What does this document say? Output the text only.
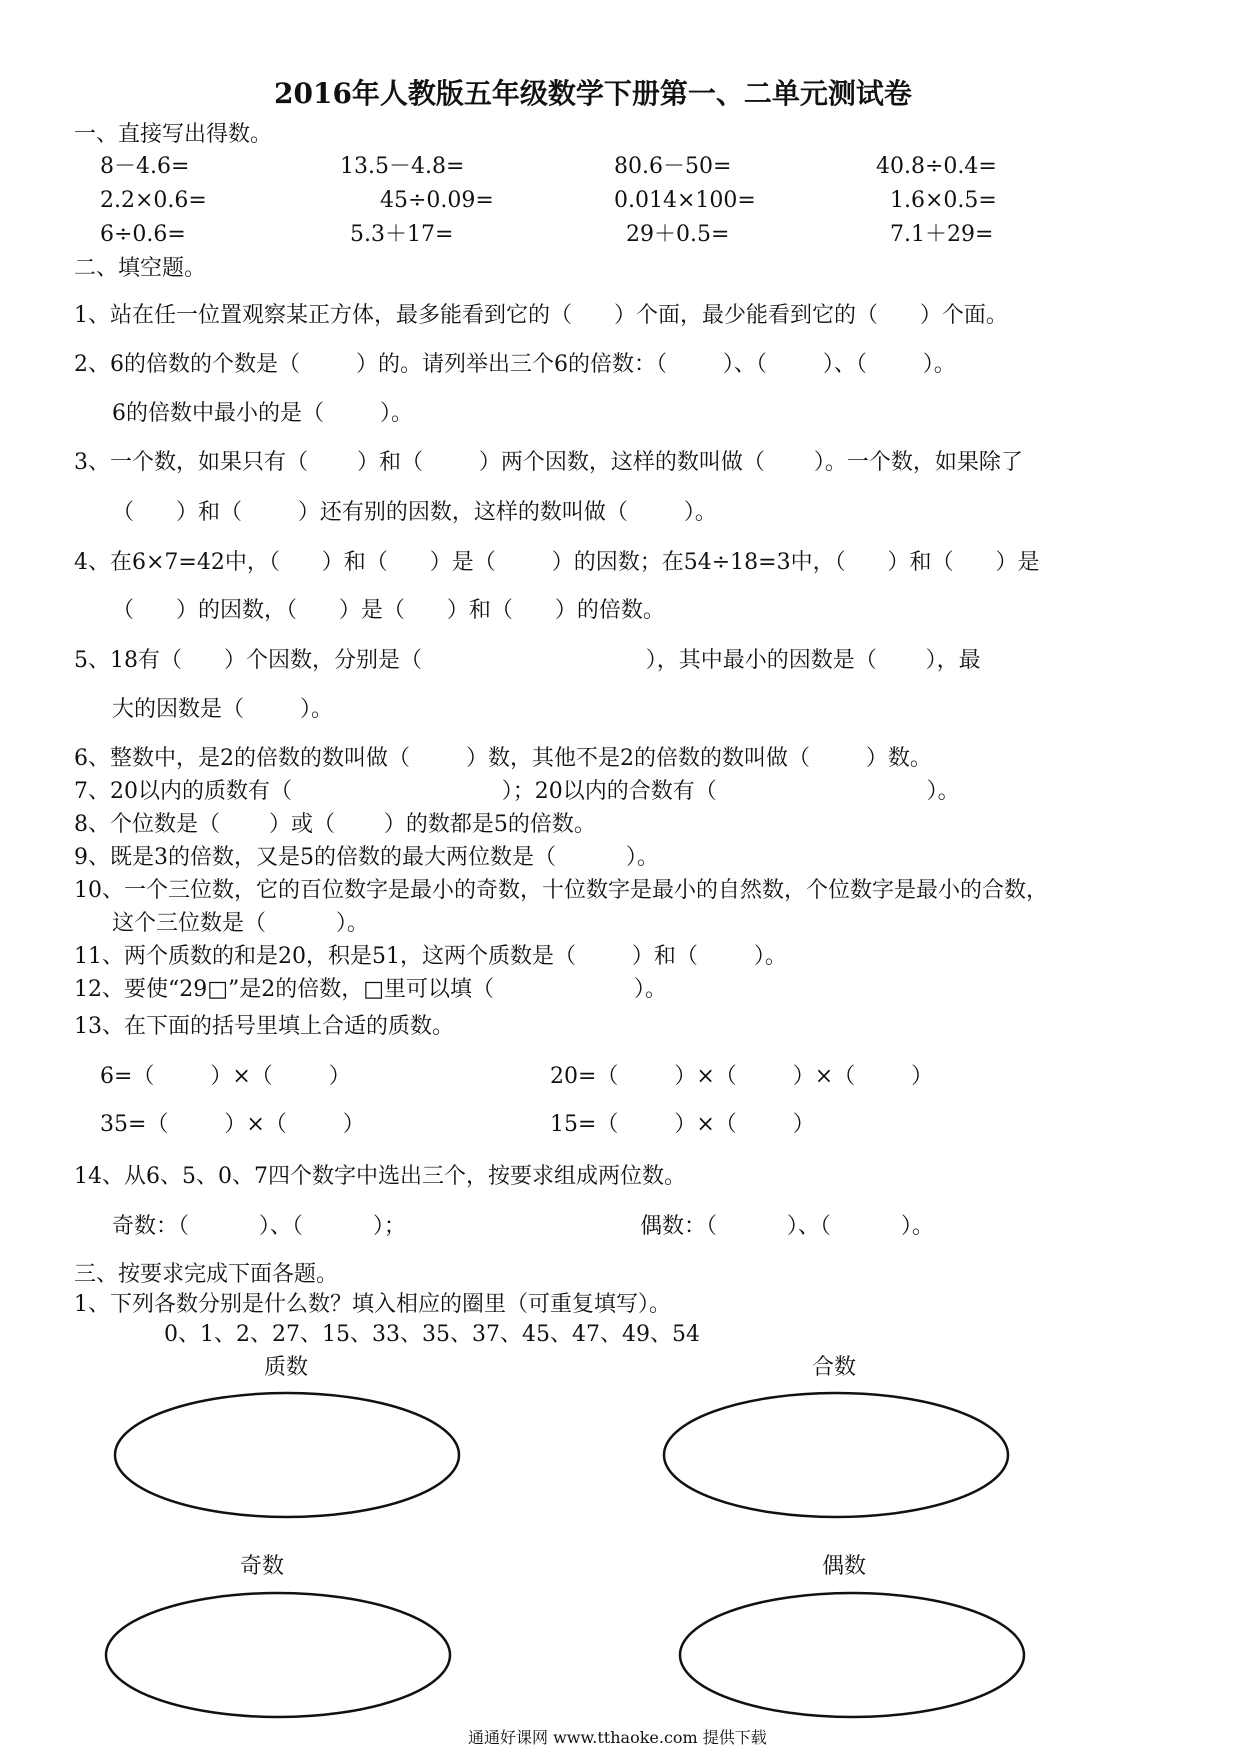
2016年人教版五年级数学下册第一、二单元测试卷
一、直接写出得数。
8－4.6=	13.5－4.8=	80.6－50=	40.8÷0.4=
2.2×0.6=	45÷0.09=	0.014×100=	1.6×0.5=
6÷0.6=	5.3＋17=	29＋0.5=	7.1＋29=
二、填空题。
1、站在任一位置观察某正方体，最多能看到它的（      ）个面，最少能看到它的（      ）个面。
2、6的倍数的个数是（        ）的。请列举出三个6的倍数：（        ）、（        ）、（        ）。
6的倍数中最小的是（        ）。
3、一个数，如果只有（       ）和（        ）两个因数，这样的数叫做（       ）。一个数，如果除了
（      ）和（        ）还有别的因数，这样的数叫做（        ）。
4、在6×7=42中，（      ）和（      ）是（        ）的因数；在54÷18=3中，（      ）和（      ）是
（      ）的因数，（      ）是（      ）和（      ）的倍数。
5、18有（      ）个因数，分别是（                                ），其中最小的因数是（       ），最
大的因数是（        ）。
6、整数中，是2的倍数的数叫做（        ）数，其他不是2的倍数的数叫做（        ）数。
7、20以内的质数有（                              ）；20以内的合数有（                              ）。
8、个位数是（       ）或（       ）的数都是5的倍数。
9、既是3的倍数，又是5的倍数的最大两位数是（          ）。
10、一个三位数，它的百位数字是最小的奇数，十位数字是最小的自然数，个位数字是最小的合数，
这个三位数是（          ）。
11、两个质数的和是20，积是51，这两个质数是（        ）和（        ）。
12、要使“29□”是2的倍数，□里可以填（                    ）。
13、在下面的括号里填上合适的质数。
6=（        ）×（        ）	20=（        ）×（        ）×（        ）
35=（        ）×（        ）	15=（        ）×（        ）
14、从6、5、0、7四个数字中选出三个，按要求组成两位数。
奇数：（          ）、（          ）；	偶数：（          ）、（          ）。
三、按要求完成下面各题。
1、下列各数分别是什么数？填入相应的圈里（可重复填写）。
0、1、2、27、15、33、35、37、45、47、49、54
质数	合数
奇数	偶数
通通好课网 www.tthaoke.com 提供下载
